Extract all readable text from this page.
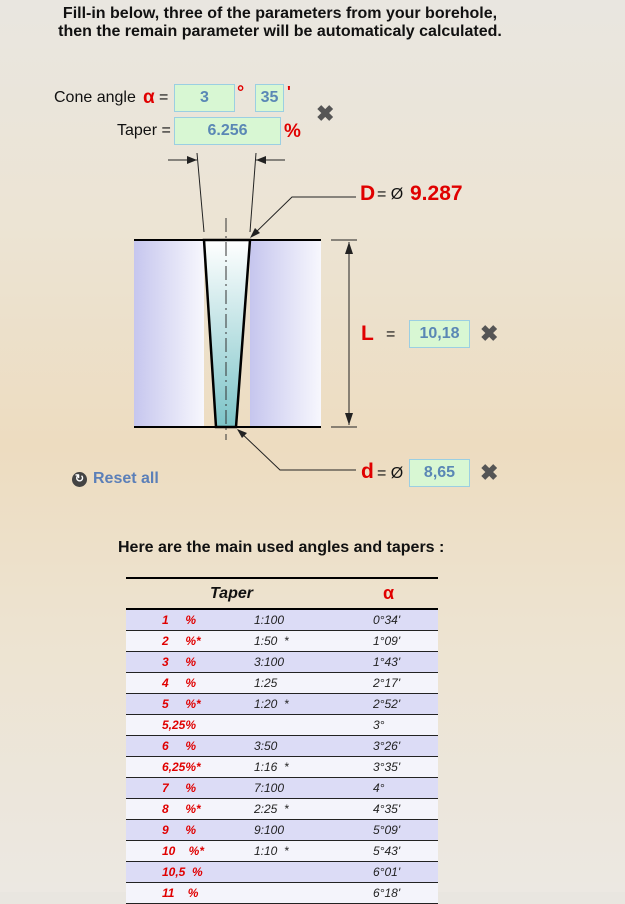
Fill-in below, three of the parameters from your borehole,
then the remain parameter will be automaticaly calculated.
Cone angle α =	3	°	35 '
Taper =	6.256	%
✖
D = Ø 9.287
L =	10,18 ✖
d = Ø	8,65	✖
↻ Reset all
Here are the main used angles and tapers :
Taper		α
1     %	1:100	0°34'
2     %*	1:50  *	1°09'
3     %	3:100	1°43'
4     %	1:25	2°17'
5     %*	1:20  *	2°52'
5,25%		3°
6     %	3:50	3°26'
6,25%*	1:16  *	3°35'
7     %	7:100	4°
8     %*	2:25  *	4°35'
9     %	9:100	5°09'
10    %*	1:10  *	5°43'
10,5  %		6°01'
11    %		6°18'
